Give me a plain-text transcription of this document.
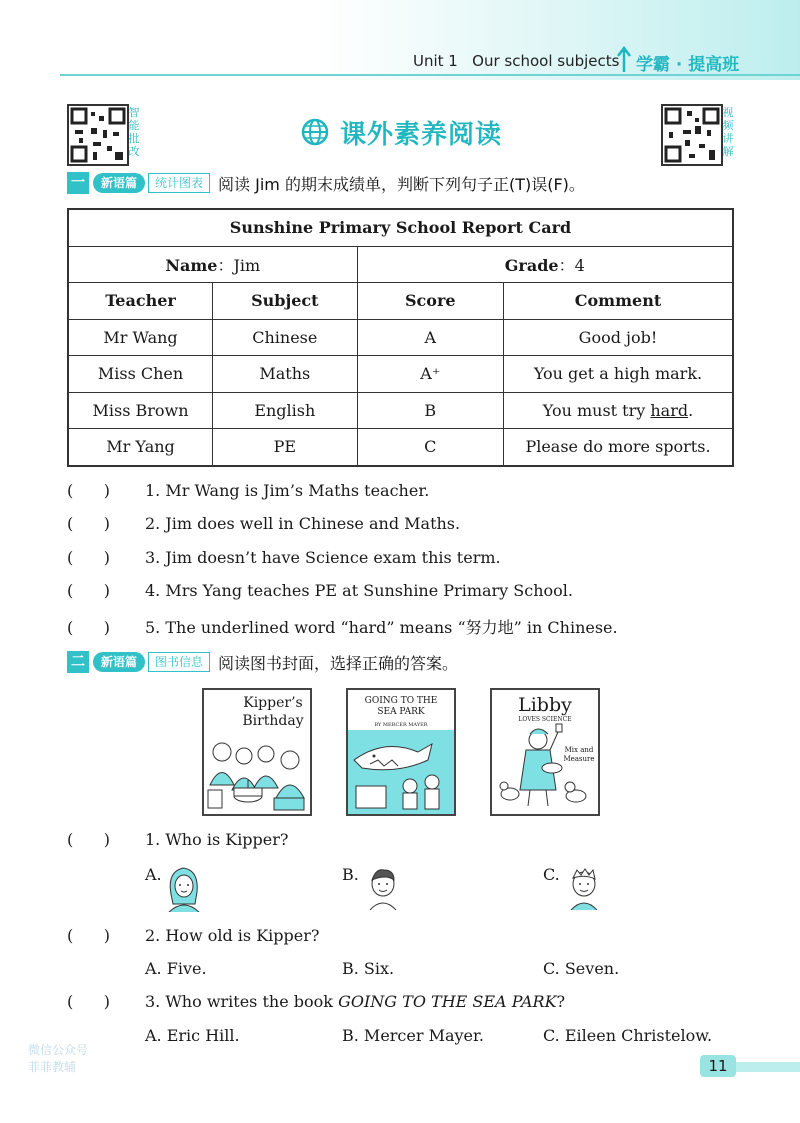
Unit 1   Our school subjects 学霸 · 提高班
智能批改
视频讲解
课外素养阅读
一	新语篇	统计图表 阅读 Jim 的期末成绩单，判断下列句子正(T)误(F)。
Sunshine Primary School Report Card			
Name：Jim		Grade：4	
Teacher	Subject	Score	Comment
Mr Wang	Chinese	A	Good job!
Miss Chen	Maths	A⁺	You get a high mark.
Miss Brown	English	B	You must try hard.
Mr Yang	PE	C	Please do more sports.
(      ) 1. Mr Wang is Jim’s Maths teacher.
(      ) 2. Jim does well in Chinese and Maths.
(      ) 3. Jim doesn’t have Science exam this term.
(      ) 4. Mrs Yang teaches PE at Sunshine Primary School.
(      ) 5. The underlined word “hard” means “努力地” in Chinese.
二	新语篇	图书信息 阅读图书封面，选择正确的答案。
Kipper’s
Birthday
GOING TO THE
SEA PARK
BY MERCER MAYER
Libby
LOVES SCIENCE
Mix and
Measure
(      ) 1. Who is Kipper?
A.	B.	C.
(      ) 2. How old is Kipper?
A. Five.	B. Six.	C. Seven.
(      ) 3. Who writes the book GOING TO THE SEA PARK?
A. Eric Hill.	B. Mercer Mayer.	C. Eileen Christelow.
11
微信公众号
菲菲教辅
